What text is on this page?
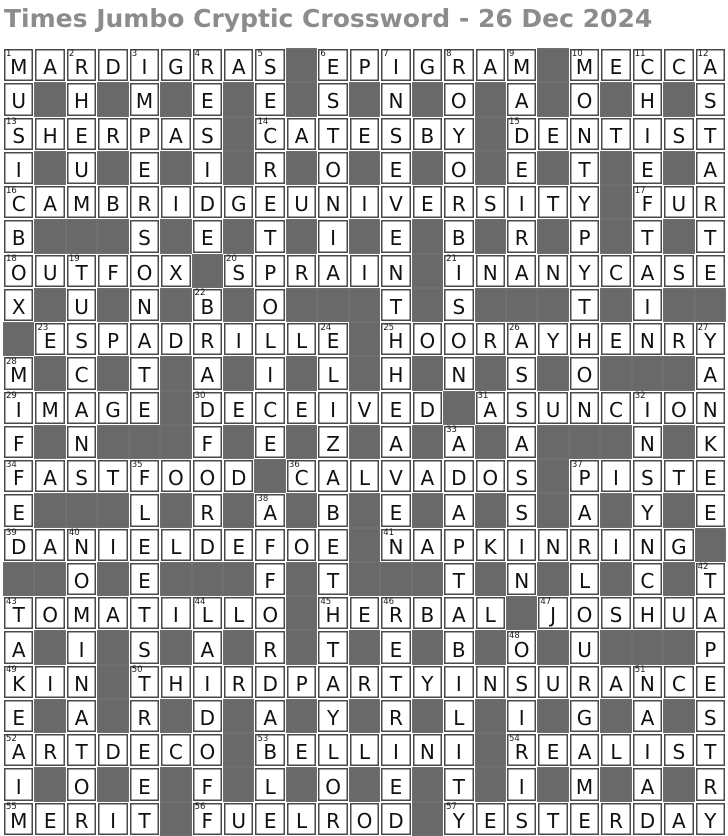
Times Jumbo Cryptic Crossword - 26 Dec 2024
1
M A
2
R D
3
I G
4
R A
5
S
6
E P
7
I G
8
R A
9
M
10
M E
11
C C
12
A
U H M E	E	S N O A O H S
13
S H E R P A S
14
C A T E S B Y
15
D E N T I S T
I	U E	I	R O E O E	T	E A
16
C A M B R I D G E U N I V E R S I T Y
17
F U R
B	S	E	T	I	E B R P	T	T
18
O U
19
T F O X
20
S P R A I N
21
I N A N Y C A S E
X U N
22
B O	T	S	T	I
23
E S P A D R I L L
24
E
25
H O O R
26
A Y H E N R
27
Y
28
M C T A	I	L H N S O	A
29
I M A G E
30
D E C E I V E D
31
A S U N C
32
I O N
F N	F	E Z A
33
A A	N K
34
F A S T
35
F O O D
36
C A L V A D O S
37
P I S T E
E	L	R
38
A B E A S A Y	E
39
D A
40
N I E L D E F O E
41
N A P K I N R I N G
O E	F	T	T N L	C
42
T
43
T O M A T I
44
L L O
45
H E
46
R B A L
47
J O S H U A
A	I	S A R T	E B
48
O U	P
49
K I N
50
T H I R D P A R T Y I N S U R A
51
N C E
E A R D A Y R	L	I	G A S
52
A R T D E C O
53
B E L L I N I
54
R E A L I S T
I	O E	F	L O E	T	I	M A R
55
M E R I T
56
F U E L R O D
57
Y E S T E R D A Y
